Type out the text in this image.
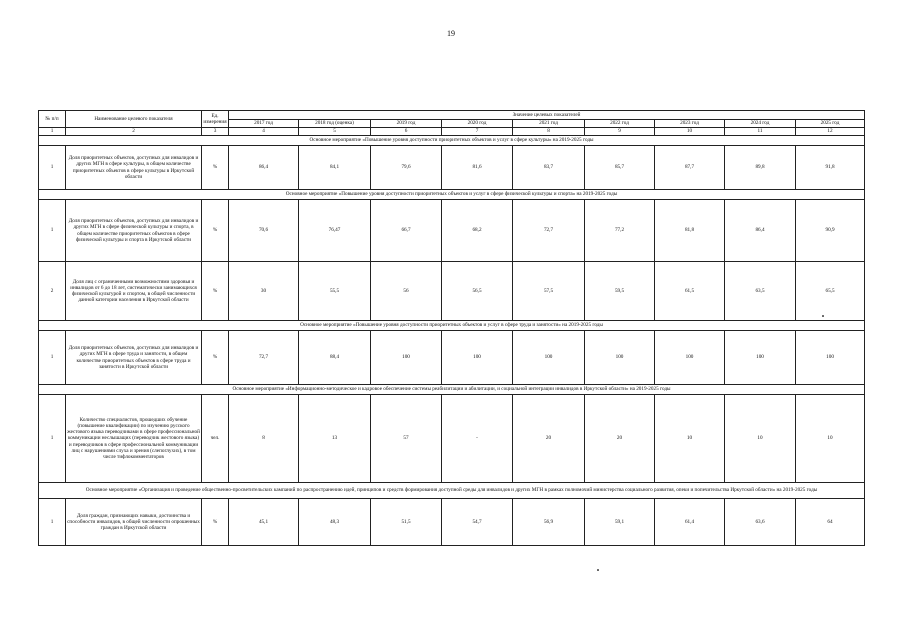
19
№ п/п	Наименование целевого показателя	Ед. измерения	Значение целевых показателей								
			2017 год	2018 год (оценка)	2019 год	2020 год	2021 год	2022 год	2023 год	2024 год	2025 год
1	2	3	4	5	6	7	8	9	10	11	12
Основное мероприятие «Повышение уровня доступности приоритетных объектов и услуг в сфере культуры» на 2019-2025 годы											
1	Доля приоритетных объектов, доступных для инвалидов и других МГН в сфере культуры, в общем количестве приоритетных объектов в сфере культуры в Иркутской области	%	86,4	84,1	79,6	81,6	83,7	85,7	87,7	89,8	91,8
Основное мероприятие «Повышение уровня доступности приоритетных объектов и услуг в сфере физической культуры и спорта» на 2019-2025 годы											
1	Доля приоритетных объектов, доступных для инвалидов и других МГН в сфере физической культуры и спорта, в общем количестве приоритетных объектов в сфере физической культуры и спорта в Иркутской области	%	70,6	76,47	66,7	68,2	72,7	77,2	81,8	86,4	90,9
2	Доля лиц с ограниченными возможностями здоровья и инвалидов от 6 до 18 лет, систематически занимающихся физической культурой и спортом, в общей численности данной категории населения в Иркутской области	%	30	55,5	56	56,5	57,5	59,5	61,5	63,5	65,5
Основное мероприятие «Повышение уровня доступности приоритетных объектов и услуг в сфере труда и занятости» на 2019-2025 годы											
1	Доля приоритетных объектов, доступных для инвалидов и других МГН в сфере труда и занятости, в общем количестве приоритетных объектов в сфере труда и занятости в Иркутской области	%	72,7	88,4	100	100	100	100	100	100	100
Основное мероприятие «Информационно-методическое и кадровое обеспечение системы реабилитации и абилитации, и социальной интеграции инвалидов в Иркутской области» на 2019-2025 годы											
1	Количество специалистов, прошедших обучение (повышение квалификации) по изучению русского жестового языка переводчиками в сфере профессиональной коммуникации неслышащих (переводчик жестового языка) и переводчиков в сфере профессиональной коммуникации лиц с нарушениями слуха и зрения (слепоглухих), в том числе тифлокомментаторов	чел.	8	13	57	-	20	20	10	10	10
Основное мероприятие «Организация и проведение общественно-просветительских кампаний по распространению идей, принципов и средств формирования доступной среды для инвалидов и других МГН в рамках полномочий министерства социального развития, опеки и попечительства Иркутской области» на 2019-2025 годы											
1	Доля граждан, признающих навыки, достоинства и способности инвалидов, в общей численности опрошенных граждан в Иркутской области	%	45,1	48,3	51,5	54,7	56,9	59,1	61,4	63,6	64
